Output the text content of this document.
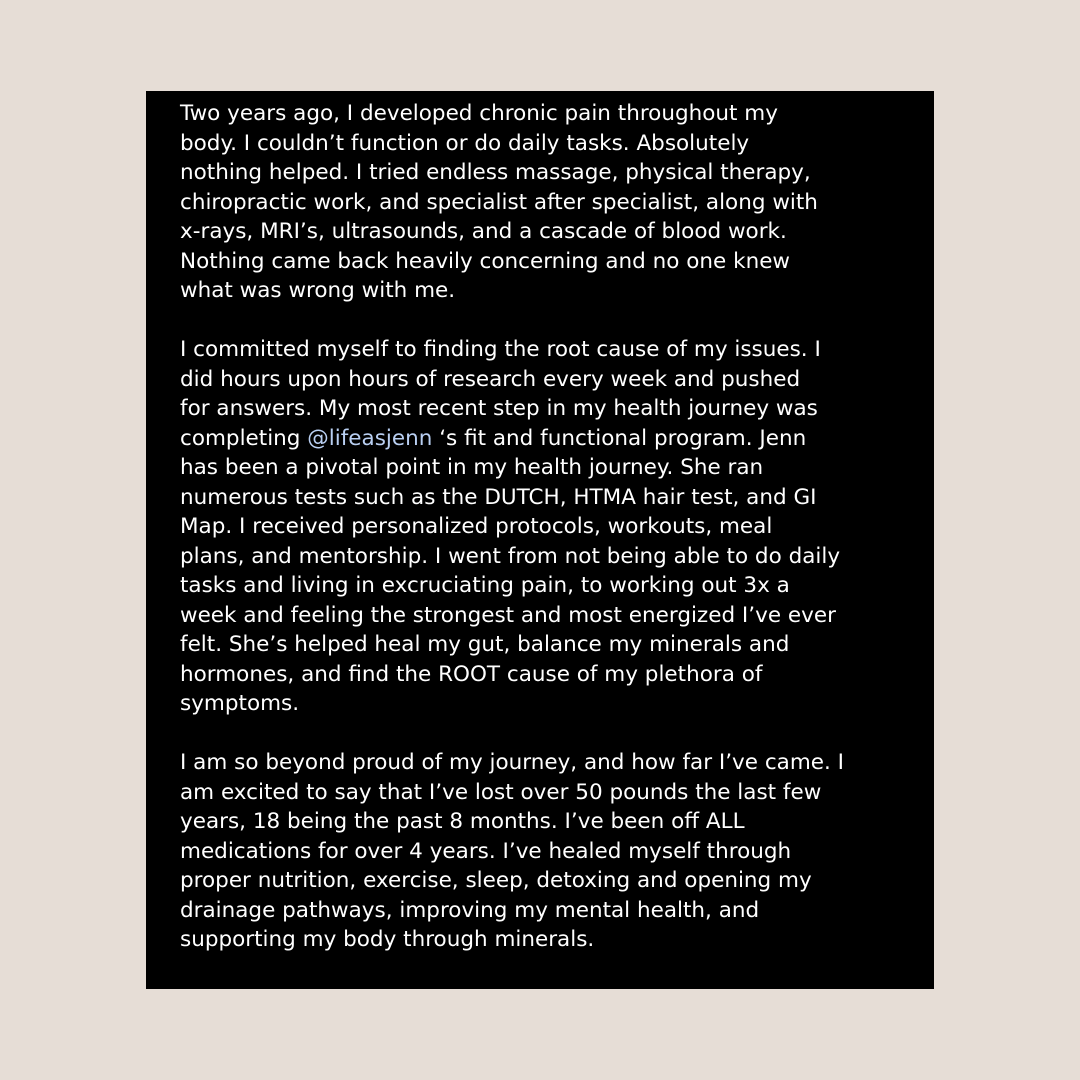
Two years ago, I developed chronic pain throughout my
body. I couldn’t function or do daily tasks. Absolutely
nothing helped. I tried endless massage, physical therapy,
chiropractic work, and specialist after specialist, along with
x-rays, MRI’s, ultrasounds, and a cascade of blood work.
Nothing came back heavily concerning and no one knew
what was wrong with me.

I committed myself to finding the root cause of my issues. I
did hours upon hours of research every week and pushed
for answers. My most recent step in my health journey was
completing @lifeasjenn ‘s fit and functional program. Jenn
has been a pivotal point in my health journey. She ran
numerous tests such as the DUTCH, HTMA hair test, and GI
Map. I received personalized protocols, workouts, meal
plans, and mentorship. I went from not being able to do daily
tasks and living in excruciating pain, to working out 3x a
week and feeling the strongest and most energized I’ve ever
felt. She’s helped heal my gut, balance my minerals and
hormones, and find the ROOT cause of my plethora of
symptoms.

I am so beyond proud of my journey, and how far I’ve came. I
am excited to say that I’ve lost over 50 pounds the last few
years, 18 being the past 8 months. I’ve been off ALL
medications for over 4 years. I’ve healed myself through
proper nutrition, exercise, sleep, detoxing and opening my
drainage pathways, improving my mental health, and
supporting my body through minerals.
